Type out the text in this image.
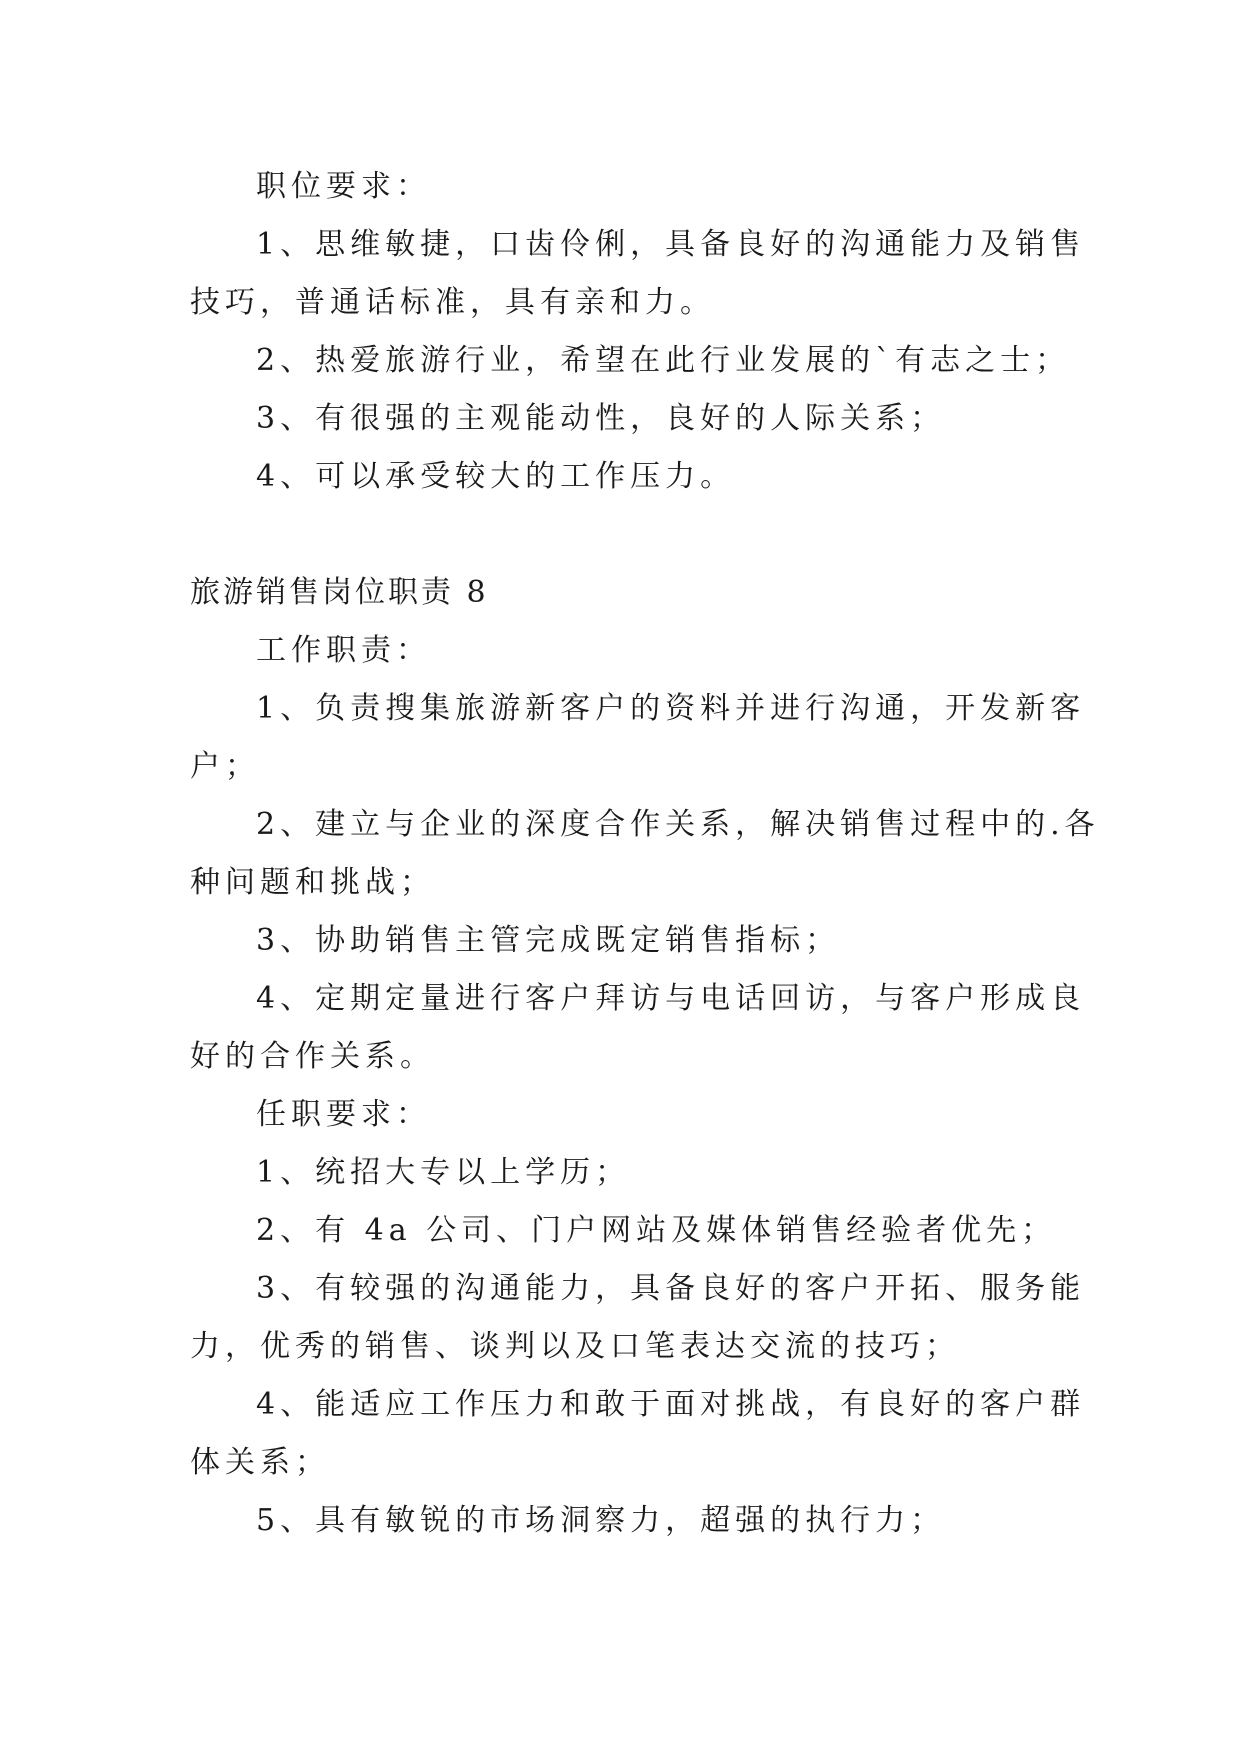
职位要求：

1、思维敏捷，口齿伶俐，具备良好的沟通能力及销售

技巧，普通话标准，具有亲和力。

2、热爱旅游行业，希望在此行业发展的`有志之士；

3、有很强的主观能动性，良好的人际关系；

4、可以承受较大的工作压力。

旅游销售岗位职责 8

工作职责：

1、负责搜集旅游新客户的资料并进行沟通，开发新客

户；

2、建立与企业的深度合作关系，解决销售过程中的.各

种问题和挑战；

3、协助销售主管完成既定销售指标；

4、定期定量进行客户拜访与电话回访，与客户形成良

好的合作关系。

任职要求：

1、统招大专以上学历；

2、有 4a 公司、门户网站及媒体销售经验者优先；

3、有较强的沟通能力，具备良好的客户开拓、服务能

力，优秀的销售、谈判以及口笔表达交流的技巧；

4、能适应工作压力和敢于面对挑战，有良好的客户群

体关系；

5、具有敏锐的市场洞察力，超强的执行力；
